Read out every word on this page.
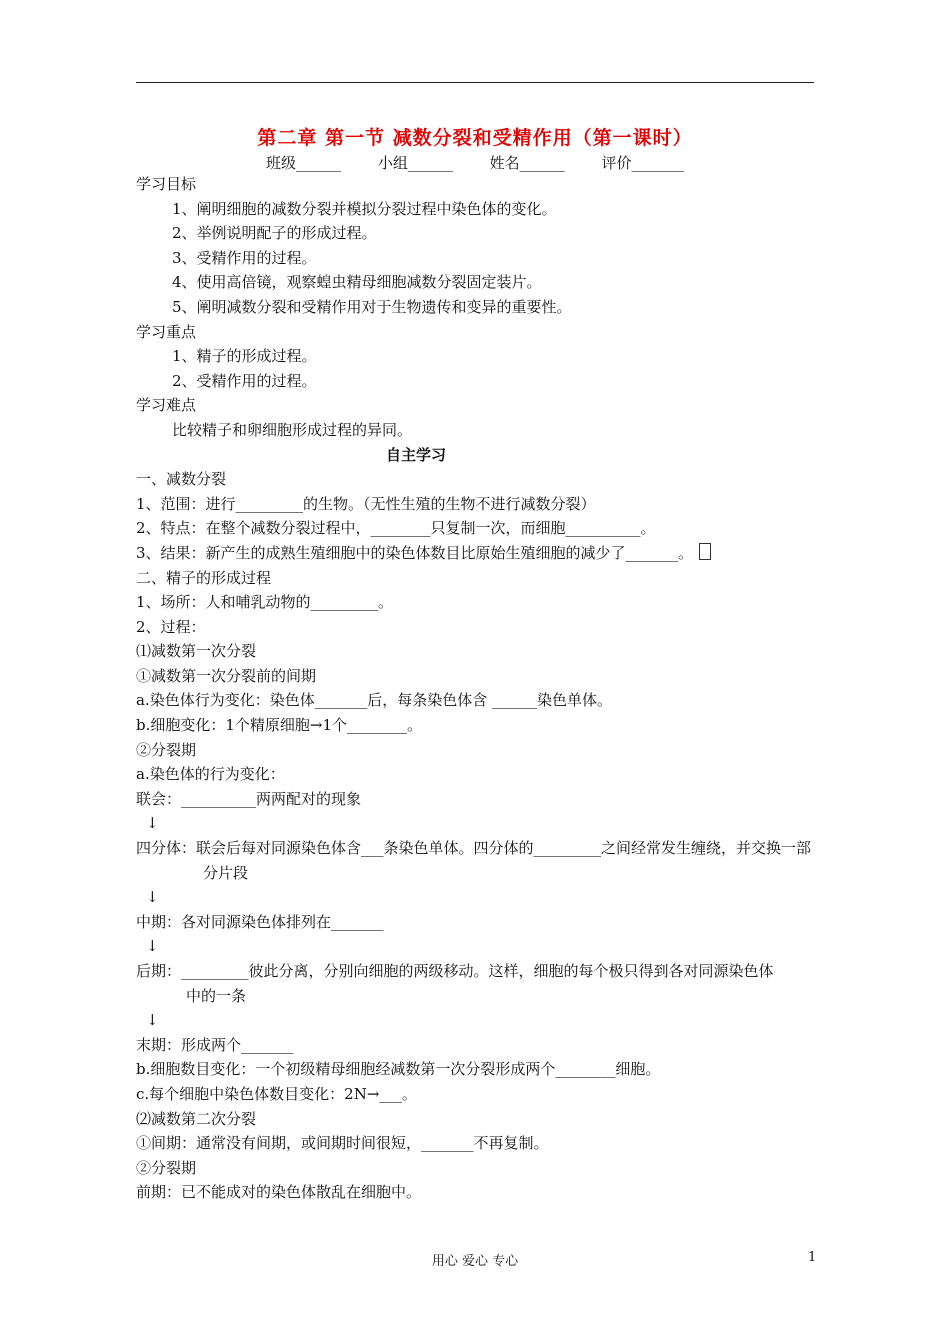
第二章 第一节 减数分裂和受精作用（第一课时）
班级______ 小组______ 姓名______ 评价_______
学习目标
1、阐明细胞的减数分裂并模拟分裂过程中染色体的变化。
2、举例说明配子的形成过程。
3、受精作用的过程。
4、使用高倍镜，观察蝗虫精母细胞减数分裂固定装片。
5、阐明减数分裂和受精作用对于生物遗传和变异的重要性。
学习重点
1、精子的形成过程。
2、受精作用的过程。
学习难点
比较精子和卵细胞形成过程的异同。
自主学习
一、减数分裂
1、范围：进行_________的生物。（无性生殖的生物不进行减数分裂）
2、特点：在整个减数分裂过程中，________只复制一次，而细胞__________。
3、结果：新产生的成熟生殖细胞中的染色体数目比原始生殖细胞的减少了_______。
二、精子的形成过程
1、场所：人和哺乳动物的_________。
2、过程：
⑴减数第一次分裂
①减数第一次分裂前的间期
a.染色体行为变化：染色体_______后，每条染色体含 ______染色单体。
b.细胞变化：1个精原细胞→1个________。
②分裂期
a.染色体的行为变化：
联会：__________两两配对的现象
↓
四分体：联会后每对同源染色体含___条染色单体。四分体的_________之间经常发生缠绕，并交换一部
分片段
↓
中期：各对同源染色体排列在_______
↓
后期：_________彼此分离，分别向细胞的两级移动。这样，细胞的每个极只得到各对同源染色体
中的一条
↓
末期：形成两个_______
b.细胞数目变化：一个初级精母细胞经减数第一次分裂形成两个________细胞。
c.每个细胞中染色体数目变化：2N→___。
⑵减数第二次分裂
①间期：通常没有间期，或间期时间很短，_______不再复制。
②分裂期
前期：已不能成对的染色体散乱在细胞中。
用心 爱心 专心	1
